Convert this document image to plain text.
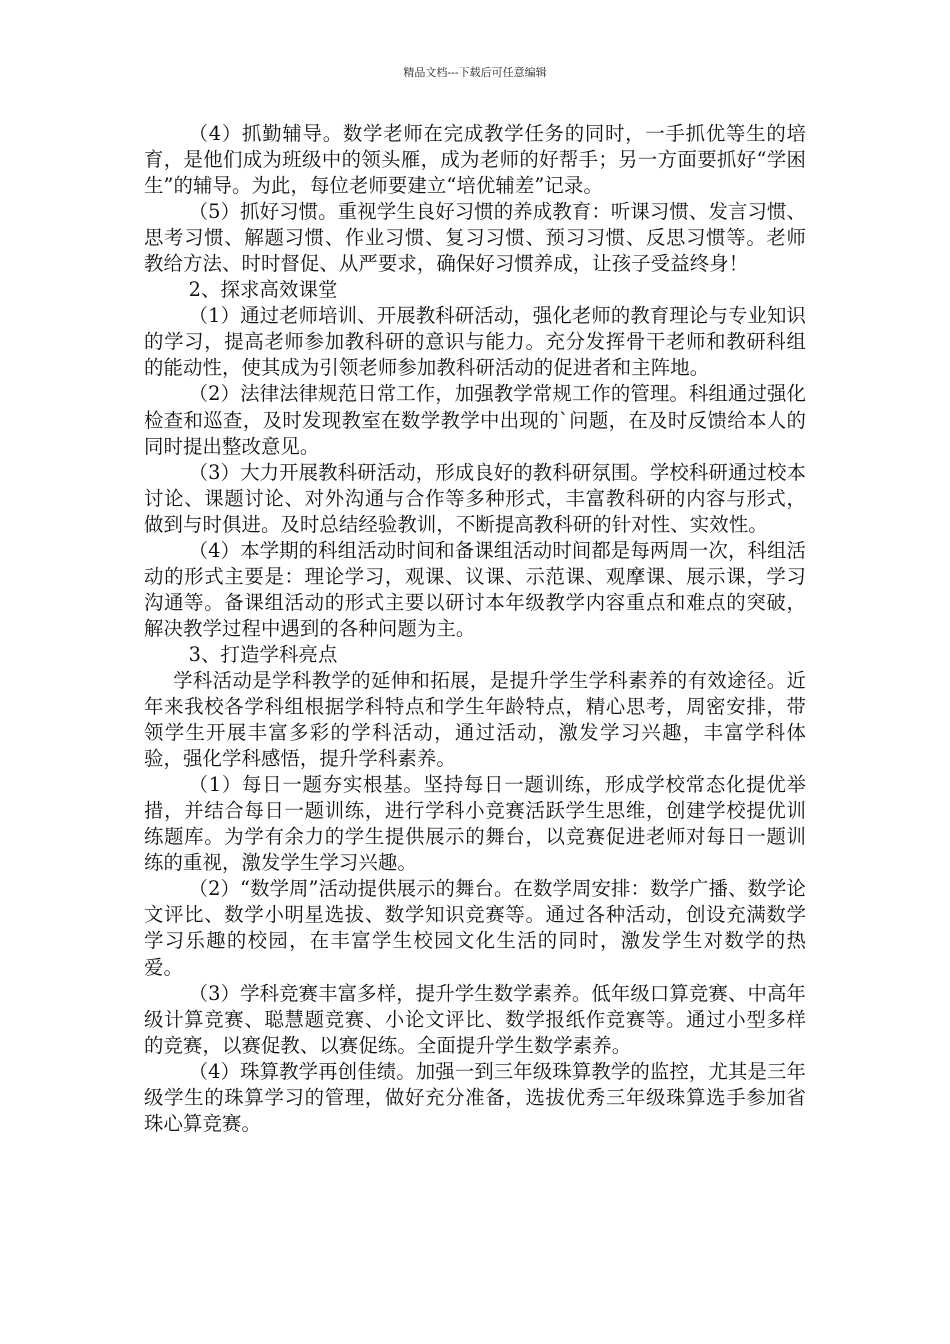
精品文档---下载后可任意编辑

（4）抓勤辅导。数学老师在完成教学任务的同时，一手抓优等生的培育，是他们成为班级中的领头雁，成为老师的好帮手；另一方面要抓好“学困生”的辅导。为此，每位老师要建立“培优辅差”记录。

（5）抓好习惯。重视学生良好习惯的养成教育：听课习惯、发言习惯、思考习惯、解题习惯、作业习惯、复习习惯、预习习惯、反思习惯等。老师教给方法、时时督促、从严要求，确保好习惯养成，让孩子受益终身！

2、探求高效课堂

（1）通过老师培训、开展教科研活动，强化老师的教育理论与专业知识的学习，提高老师参加教科研的意识与能力。充分发挥骨干老师和教研科组的能动性，使其成为引领老师参加教科研活动的促进者和主阵地。

（2）法律法律规范日常工作，加强教学常规工作的管理。科组通过强化检查和巡查，及时发现教室在数学教学中出现的`问题，在及时反馈给本人的同时提出整改意见。

（3）大力开展教科研活动，形成良好的教科研氛围。学校科研通过校本讨论、课题讨论、对外沟通与合作等多种形式，丰富教科研的内容与形式，做到与时俱进。及时总结经验教训，不断提高教科研的针对性、实效性。

（4）本学期的科组活动时间和备课组活动时间都是每两周一次，科组活动的形式主要是：理论学习，观课、议课、示范课、观摩课、展示课，学习沟通等。备课组活动的形式主要以研讨本年级教学内容重点和难点的突破，解决教学过程中遇到的各种问题为主。

3、打造学科亮点

学科活动是学科教学的延伸和拓展，是提升学生学科素养的有效途径。近年来我校各学科组根据学科特点和学生年龄特点，精心思考，周密安排，带领学生开展丰富多彩的学科活动，通过活动，激发学习兴趣，丰富学科体验，强化学科感悟，提升学科素养。

（1）每日一题夯实根基。坚持每日一题训练，形成学校常态化提优举措，并结合每日一题训练，进行学科小竞赛活跃学生思维，创建学校提优训练题库。为学有余力的学生提供展示的舞台，以竞赛促进老师对每日一题训练的重视，激发学生学习兴趣。

（2）“数学周”活动提供展示的舞台。在数学周安排：数学广播、数学论文评比、数学小明星选拔、数学知识竞赛等。通过各种活动，创设充满数学学习乐趣的校园，在丰富学生校园文化生活的同时，激发学生对数学的热爱。

（3）学科竞赛丰富多样，提升学生数学素养。低年级口算竞赛、中高年级计算竞赛、聪慧题竞赛、小论文评比、数学报纸作竞赛等。通过小型多样的竞赛，以赛促教、以赛促练。全面提升学生数学素养。

（4）珠算教学再创佳绩。加强一到三年级珠算教学的监控，尤其是三年级学生的珠算学习的管理，做好充分准备，选拔优秀三年级珠算选手参加省珠心算竞赛。
